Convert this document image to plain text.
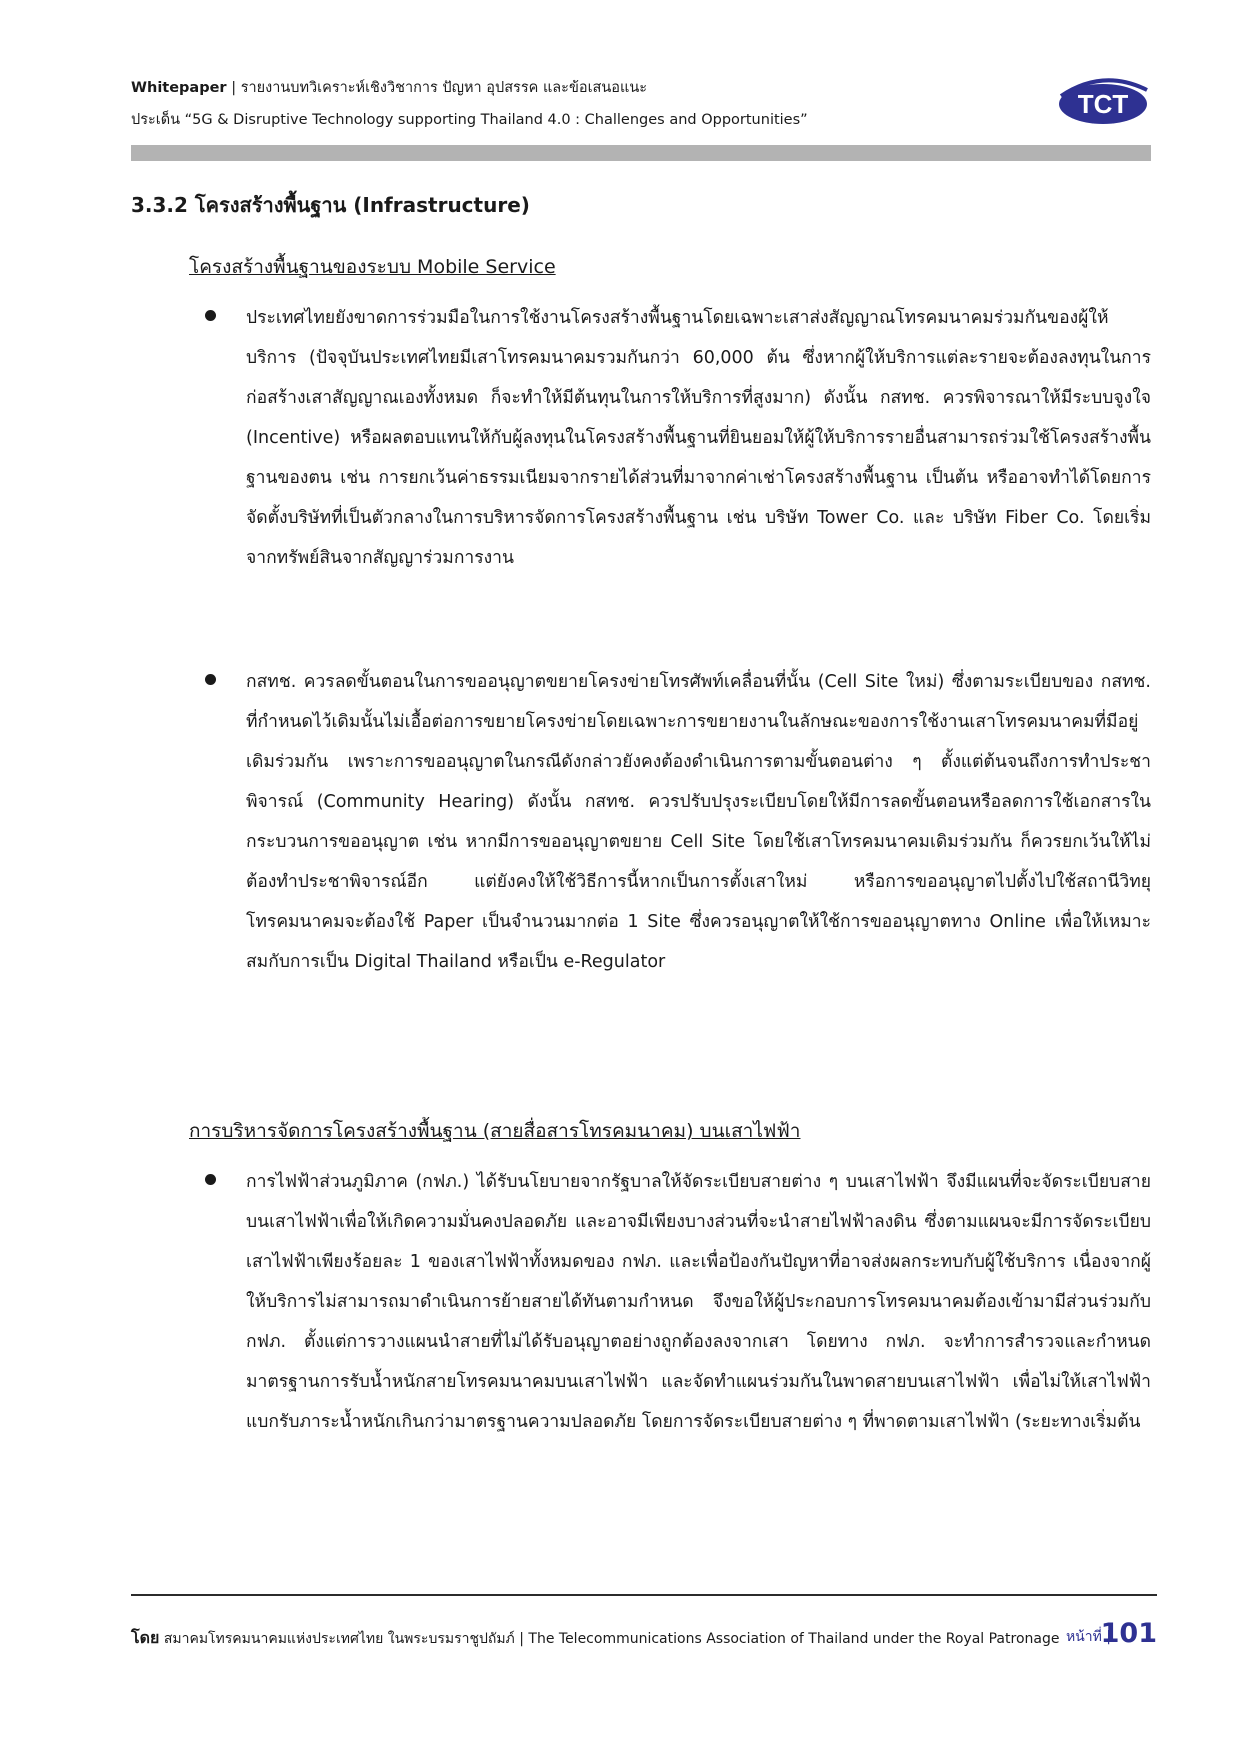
Whitepaper | รายงานบทวิเคราะห์เชิงวิชาการ ปัญหา อุปสรรค และข้อเสนอแนะ
ประเด็น “5G & Disruptive Technology supporting Thailand 4.0 : Challenges and Opportunities”
TCT
3.3.2 โครงสร้างพื้นฐาน (Infrastructure)
โครงสร้างพื้นฐานของระบบ Mobile Service
ประเทศไทยยังขาดการร่วมมือในการใช้งานโครงสร้างพื้นฐานโดยเฉพาะเสาส่งสัญญาณโทรคมนาคมร่วมกันของผู้ให้บริการ (ปัจจุบันประเทศไทยมีเสาโทรคมนาคมรวมกันกว่า 60,000 ต้น ซึ่งหากผู้ให้บริการแต่ละรายจะต้องลงทุนในการก่อสร้างเสาสัญญาณเองทั้งหมด ก็จะทำให้มีต้นทุนในการให้บริการที่สูงมาก) ดังนั้น กสทช. ควรพิจารณาให้มีระบบจูงใจ (Incentive) หรือผลตอบแทนให้กับผู้ลงทุนในโครงสร้างพื้นฐานที่ยินยอมให้ผู้ให้บริการรายอื่นสามารถร่วมใช้โครงสร้างพื้นฐานของตน เช่น การยกเว้นค่าธรรมเนียมจากรายได้ส่วนที่มาจากค่าเช่าโครงสร้างพื้นฐาน เป็นต้น หรืออาจทำได้โดยการจัดตั้งบริษัทที่เป็นตัวกลางในการบริหารจัดการโครงสร้างพื้นฐาน เช่น บริษัท Tower Co. และ บริษัท Fiber Co. โดยเริ่มจากทรัพย์สินจากสัญญาร่วมการงาน
กสทช. ควรลดขั้นตอนในการขออนุญาตขยายโครงข่ายโทรศัพท์เคลื่อนที่นั้น (Cell Site ใหม่) ซึ่งตามระเบียบของ กสทช. ที่กำหนดไว้เดิมนั้นไม่เอื้อต่อการขยายโครงข่ายโดยเฉพาะการขยายงานในลักษณะของการใช้งานเสาโทรคมนาคมที่มีอยู่เดิมร่วมกัน เพราะการขออนุญาตในกรณีดังกล่าวยังคงต้องดำเนินการตามขั้นตอนต่าง ๆ ตั้งแต่ต้นจนถึงการทำประชาพิจารณ์ (Community Hearing) ดังนั้น กสทช. ควรปรับปรุงระเบียบโดยให้มีการลดขั้นตอนหรือลดการใช้เอกสารในกระบวนการขออนุญาต เช่น หากมีการขออนุญาตขยาย Cell Site โดยใช้เสาโทรคมนาคมเดิมร่วมกัน ก็ควรยกเว้นให้ไม่ต้องทำประชาพิจารณ์อีก แต่ยังคงให้ใช้วิธีการนี้หากเป็นการตั้งเสาใหม่ หรือการขออนุญาตไปตั้งไปใช้สถานีวิทยุโทรคมนาคมจะต้องใช้ Paper เป็นจำนวนมากต่อ 1 Site ซึ่งควรอนุญาตให้ใช้การขออนุญาตทาง Online เพื่อให้เหมาะสมกับการเป็น Digital Thailand หรือเป็น e-Regulator
การบริหารจัดการโครงสร้างพื้นฐาน (สายสื่อสารโทรคมนาคม) บนเสาไฟฟ้า
การไฟฟ้าส่วนภูมิภาค (กฟภ.) ได้รับนโยบายจากรัฐบาลให้จัดระเบียบสายต่าง ๆ บนเสาไฟฟ้า จึงมีแผนที่จะจัดระเบียบสายบนเสาไฟฟ้าเพื่อให้เกิดความมั่นคงปลอดภัย และอาจมีเพียงบางส่วนที่จะนำสายไฟฟ้าลงดิน ซึ่งตามแผนจะมีการจัดระเบียบเสาไฟฟ้าเพียงร้อยละ 1 ของเสาไฟฟ้าทั้งหมดของ กฟภ. และเพื่อป้องกันปัญหาที่อาจส่งผลกระทบกับผู้ใช้บริการ เนื่องจากผู้ให้บริการไม่สามารถมาดำเนินการย้ายสายได้ทันตามกำหนด จึงขอให้ผู้ประกอบการโทรคมนาคมต้องเข้ามามีส่วนร่วมกับ กฟภ. ตั้งแต่การวางแผนนำสายที่ไม่ได้รับอนุญาตอย่างถูกต้องลงจากเสา โดยทาง กฟภ. จะทำการสำรวจและกำหนดมาตรฐานการรับน้ำหนักสายโทรคมนาคมบนเสาไฟฟ้า และจัดทำแผนร่วมกันในพาดสายบนเสาไฟฟ้า เพื่อไม่ให้เสาไฟฟ้าแบกรับภาระน้ำหนักเกินกว่ามาตรฐานความปลอดภัย โดยการจัดระเบียบสายต่าง ๆ ที่พาดตามเสาไฟฟ้า (ระยะทางเริ่มต้น
โดย สมาคมโทรคมนาคมแห่งประเทศไทย ในพระบรมราชูปถัมภ์ | The Telecommunications Association of Thailand under the Royal Patronage หน้าที่ |
101
